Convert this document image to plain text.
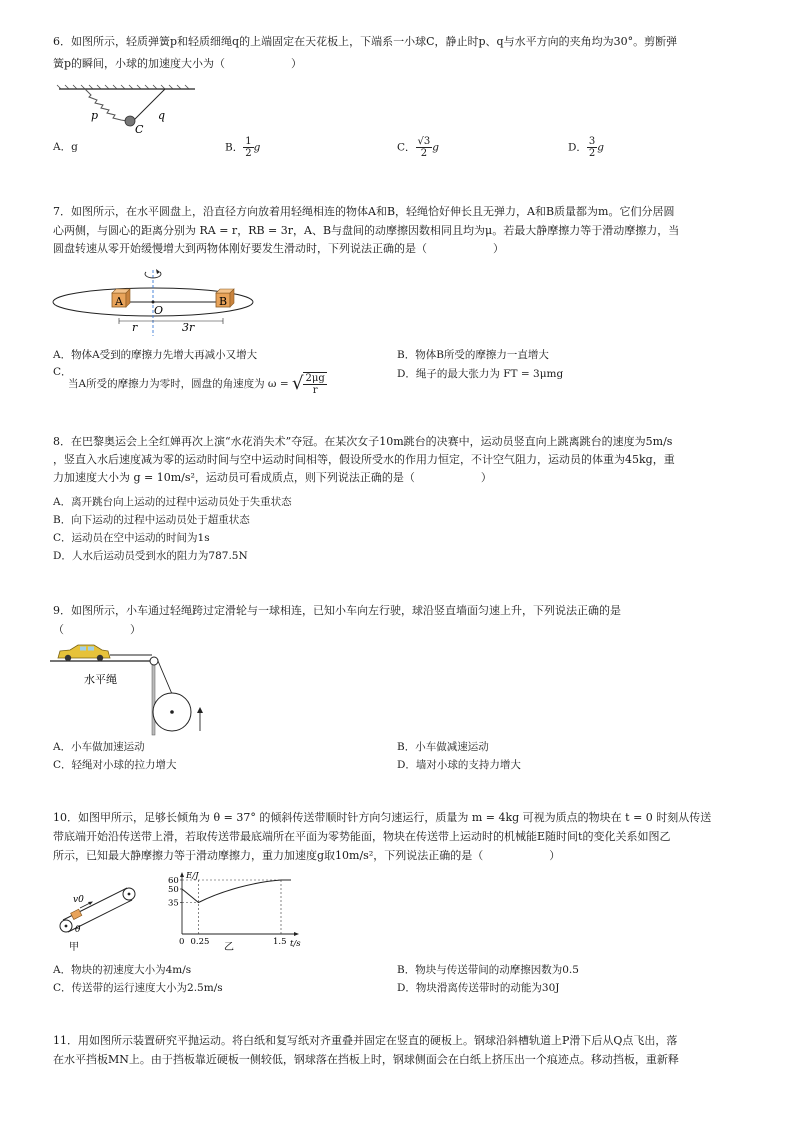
6．如图所示，轻质弹簧p和轻质细绳q的上端固定在天花板上，下端系一小球C，静止时p、q与水平方向的夹角均为30°。剪断弹
簧p的瞬间，小球的加速度大小为（　　　　　　）
p
C
q
A．g	B． $\frac{1}{2}$ g	C． $\frac{√3}{2}$ g	D． $\frac{3}{2}$ g
7．如图所示，在水平圆盘上，沿直径方向放着用轻绳相连的物体A和B，轻绳恰好伸长且无弹力，A和B质量都为m。它们分居圆
心两侧，与圆心的距离分别为 RA = r，RB = 3r，A、B与盘间的动摩擦因数相同且均为μ。若最大静摩擦力等于滑动摩擦力，当
圆盘转速从零开始缓慢增大到两物体刚好要发生滑动时，下列说法正确的是（　　　　　　）
A	B
O
r	3r
A．物体A受到的摩擦力先增大再减小又增大	B．物体B所受的摩擦力一直增大
C．
当A所受的摩擦力为零时，圆盘的角速度为 ω = √ $\frac{2\mu g}{r}$	D．绳子的最大张力为 FT = 3μmg
8．在巴黎奥运会上全红婵再次上演“水花消失术”夺冠。在某次女子10m跳台的决赛中，运动员竖直向上跳离跳台的速度为5m/s
，竖直入水后速度减为零的运动时间与空中运动时间相等，假设所受水的作用力恒定，不计空气阻力，运动员的体重为45kg，重
力加速度大小为 g = 10m/s²，运动员可看成质点，则下列说法正确的是（　　　　　　）
A．离开跳台向上运动的过程中运动员处于失重状态
B．向下运动的过程中运动员处于超重状态
C．运动员在空中运动的时间为1s
D．人水后运动员受到水的阻力为787.5N
9．如图所示，小车通过轻绳跨过定滑轮与一球相连，已知小车向左行驶，球沿竖直墙面匀速上升，下列说法正确的是
（　　　　　　）
水平绳
A．小车做加速运动	B．小车做减速运动
C．轻绳对小球的拉力增大	D．墙对小球的支持力增大
10．如图甲所示，足够长倾角为 θ = 37° 的倾斜传送带顺时针方向匀速运行，质量为 m = 4kg 可视为质点的物块在 t = 0 时刻从传送
带底端开始沿传送带上滑，若取传送带最底端所在平面为零势能面，物块在传送带上运动时的机械能E随时间t的变化关系如图乙
所示，已知最大静摩擦力等于滑动摩擦力，重力加速度g取10m/s²，下列说法正确的是（　　　　　　）
v0
θ
甲
E/J
t/s
乙
60
50
35
0 0.25	1.5
A．物块的初速度大小为4m/s	B．物块与传送带间的动摩擦因数为0.5
C．传送带的运行速度大小为2.5m/s	D．物块滑离传送带时的动能为30J
11．用如图所示装置研究平抛运动。将白纸和复写纸对齐重叠并固定在竖直的硬板上。钢球沿斜槽轨道上P滑下后从Q点飞出，落
在水平挡板MN上。由于挡板靠近硬板一侧较低，钢球落在挡板上时，钢球侧面会在白纸上挤压出一个痕迹点。移动挡板，重新释
